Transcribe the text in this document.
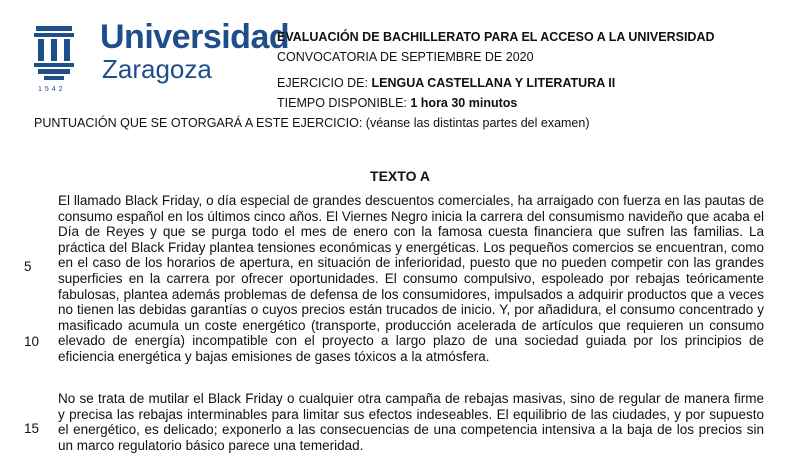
1542
Universidad
Zaragoza
EVALUACIÓN DE BACHILLERATO PARA EL ACCESO A LA UNIVERSIDAD
CONVOCATORIA DE SEPTIEMBRE DE 2020
EJERCICIO DE: LENGUA CASTELLANA Y LITERATURA II
TIEMPO DISPONIBLE: 1 hora 30 minutos
PUNTUACIÓN QUE SE OTORGARÁ A ESTE EJERCICIO: (véanse las distintas partes del examen)
TEXTO A
El llamado Black Friday, o día especial de grandes descuentos comerciales, ha arraigado con fuerza en las pautas de consumo español en los últimos cinco años. El Viernes Negro inicia la carrera del consumismo navideño que acaba el Día de Reyes y que se purga todo el mes de enero con la famosa cuesta financiera que sufren las familias. La práctica del Black Friday plantea tensiones económicas y energéticas. Los pequeños comercios se encuentran, como en el caso de los horarios de apertura, en situación de inferioridad, puesto que no pueden competir con las grandes superficies en la carrera por ofrecer oportunidades. El consumo compulsivo, espoleado por rebajas teóricamente fabulosas, plantea además problemas de defensa de los consumidores, impulsados a adquirir productos que a veces no tienen las debidas garantías o cuyos precios están trucados de inicio. Y, por añadidura, el consumo concentrado y masificado acumula un coste energético (transporte, producción acelerada de artículos que requieren un consumo elevado de energía) incompatible con el proyecto a largo plazo de una sociedad guiada por los principios de eficiencia energética y bajas emisiones de gases tóxicos a la atmósfera.
No se trata de mutilar el Black Friday o cualquier otra campaña de rebajas masivas, sino de regular de manera firme y precisa las rebajas interminables para limitar sus efectos indeseables. El equilibrio de las ciudades, y por supuesto el energético, es delicado; exponerlo a las consecuencias de una competencia intensiva a la baja de los precios sin un marco regulatorio básico parece una temeridad.
5
10
15
